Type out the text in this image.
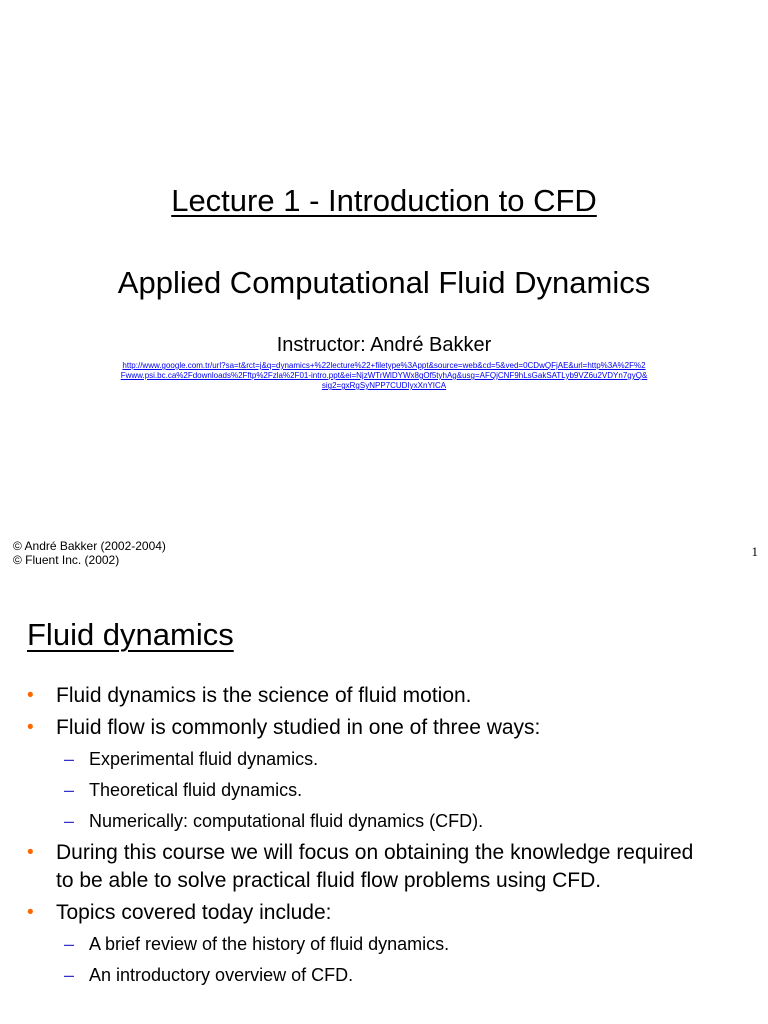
Lecture 1 - Introduction to CFD
Applied Computational Fluid Dynamics
Instructor: André Bakker
http://www.google.com.tr/url?sa=t&rct=j&q=dynamics+%22lecture%22+filetype%3Appt&source=web&cd=5&ved=0CDwQFjAE&url=http%3A%2F%2Fwww.psi.bc.ca%2Fdownloads%2Fftp%2Fzla%2F01-intro.ppt&ei=NjzWTrWlDYWx8gOf5tyhAg&usg=AFQjCNF9hLsGakSATLyb9VZ6u2VDYn7gyQ&sig2=gxRgSyNPP7CUDIyxXnYICA
© André Bakker (2002-2004)
© Fluent Inc. (2002)
1
Fluid dynamics
• Fluid dynamics is the science of fluid motion.
• Fluid flow is commonly studied in one of three ways:
– Experimental fluid dynamics.
– Theoretical fluid dynamics.
– Numerically: computational fluid dynamics (CFD).
• During this course we will focus on obtaining the knowledge required to be able to solve practical fluid flow problems using CFD.
• Topics covered today include:
– A brief review of the history of fluid dynamics.
– An introductory overview of CFD.
